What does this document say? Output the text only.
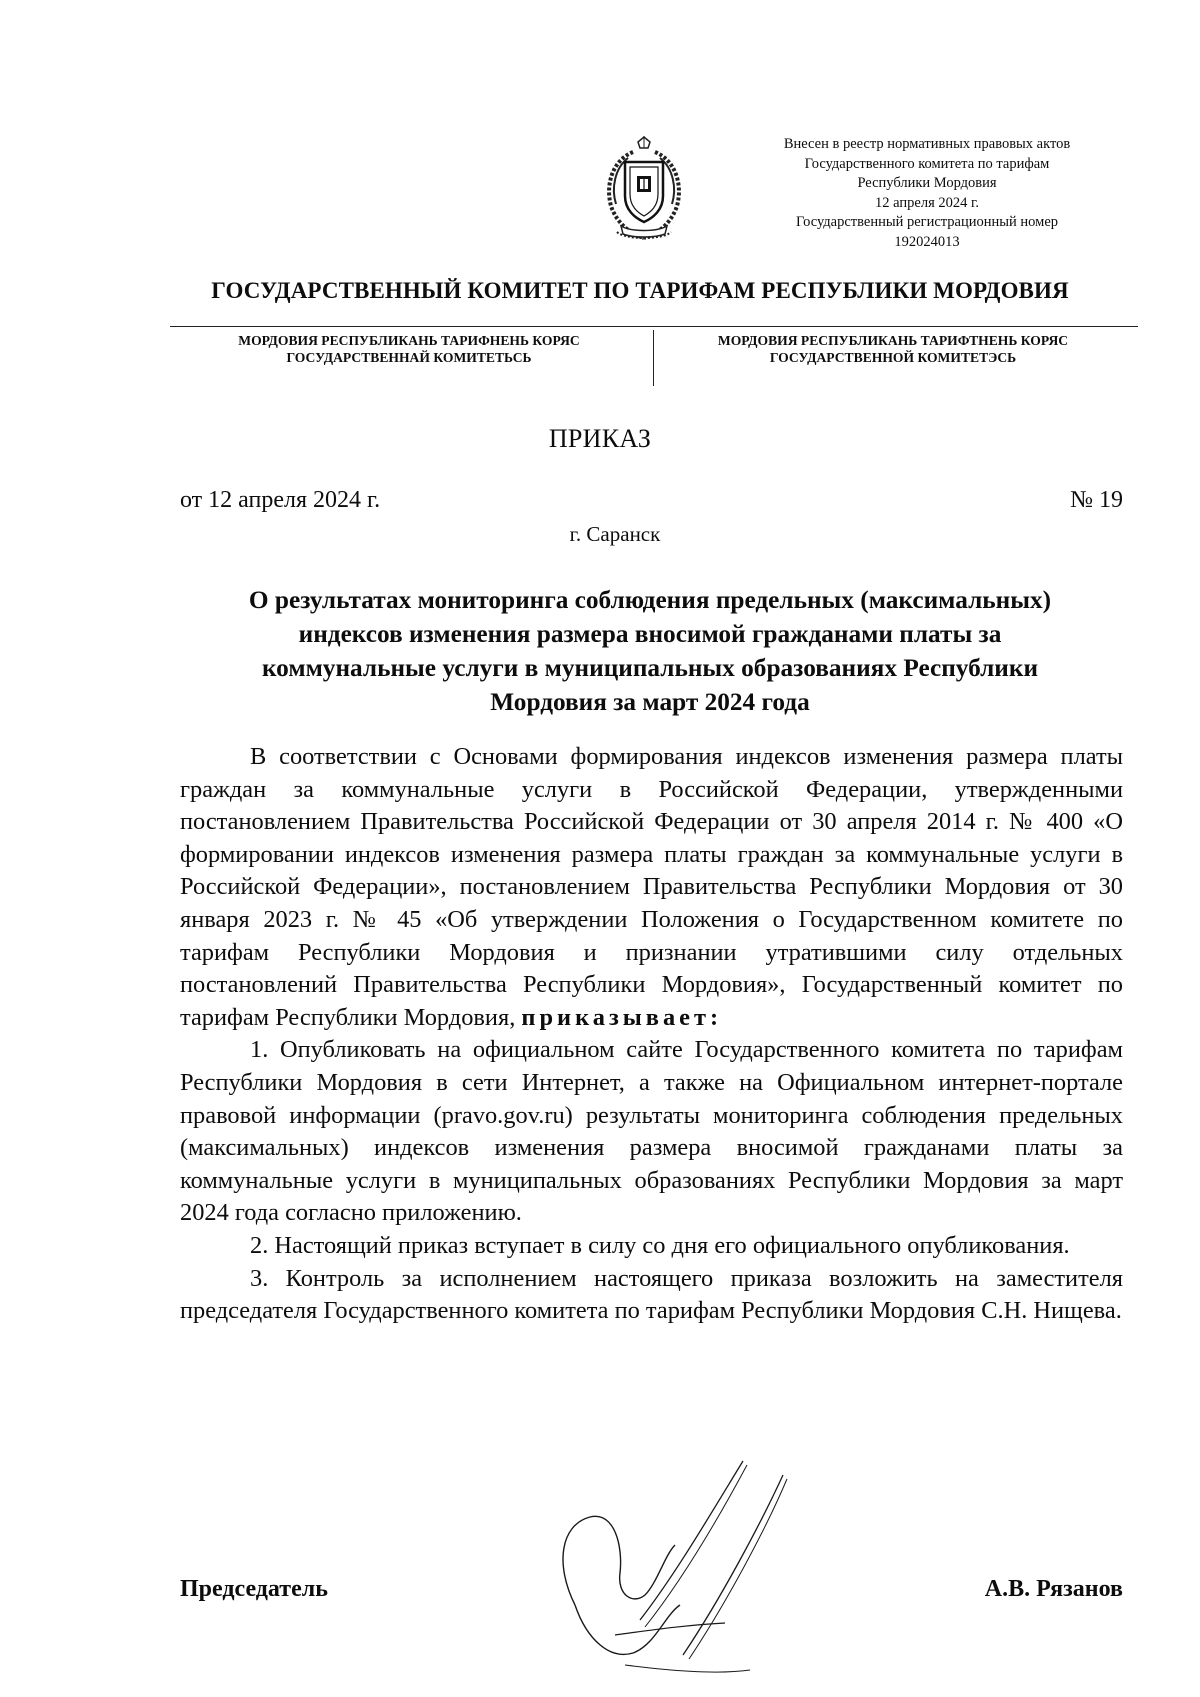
Внесен в реестр нормативных правовых актов
Государственного комитета по тарифам
Республики Мордовия
12 апреля 2024 г.
Государственный регистрационный номер
192024013
ГОСУДАРСТВЕННЫЙ КОМИТЕТ ПО ТАРИФАМ РЕСПУБЛИКИ МОРДОВИЯ
МОРДОВИЯ РЕСПУБЛИКАНЬ ТАРИФНЕНЬ КОРЯС
ГОСУДАРСТВЕННАЙ КОМИТЕТЬСЬ
МОРДОВИЯ РЕСПУБЛИКАНЬ ТАРИФТНЕНЬ КОРЯС
ГОСУДАРСТВЕННОЙ КОМИТЕТЭСЬ
ПРИКАЗ
от 12 апреля 2024 г.	№ 19
г. Саранск
О результатах мониторинга соблюдения предельных (максимальных)
индексов изменения размера вносимой гражданами платы за
коммунальные услуги в муниципальных образованиях Республики
Мордовия за март 2024 года

В соответствии с Основами формирования индексов изменения размера платы граждан за коммунальные услуги в Российской Федерации, утвержденными постановлением Правительства Российской Федерации от 30 апреля 2014 г. № 400 «О формировании индексов изменения размера платы граждан за коммунальные услуги в Российской Федерации», постановлением Правительства Республики Мордовия от 30 января 2023 г. № 45 «Об утверждении Положения о Государственном комитете по тарифам Республики Мордовия и признании утратившими силу отдельных постановлений Правительства Республики Мордовия», Государственный комитет по тарифам Республики Мордовия, приказывает:

1. Опубликовать на официальном сайте Государственного комитета по тарифам Республики Мордовия в сети Интернет, а также на Официальном интернет-портале правовой информации (pravo.gov.ru) результаты мониторинга соблюдения предельных (максимальных) индексов изменения размера вносимой гражданами платы за коммунальные услуги в муниципальных образованиях Республики Мордовия за март 2024 года согласно приложению.

2. Настоящий приказ вступает в силу со дня его официального опубликования.

3. Контроль за исполнением настоящего приказа возложить на заместителя председателя Государственного комитета по тарифам Республики Мордовия С.Н. Нищева.

Председатель	А.В. Рязанов
